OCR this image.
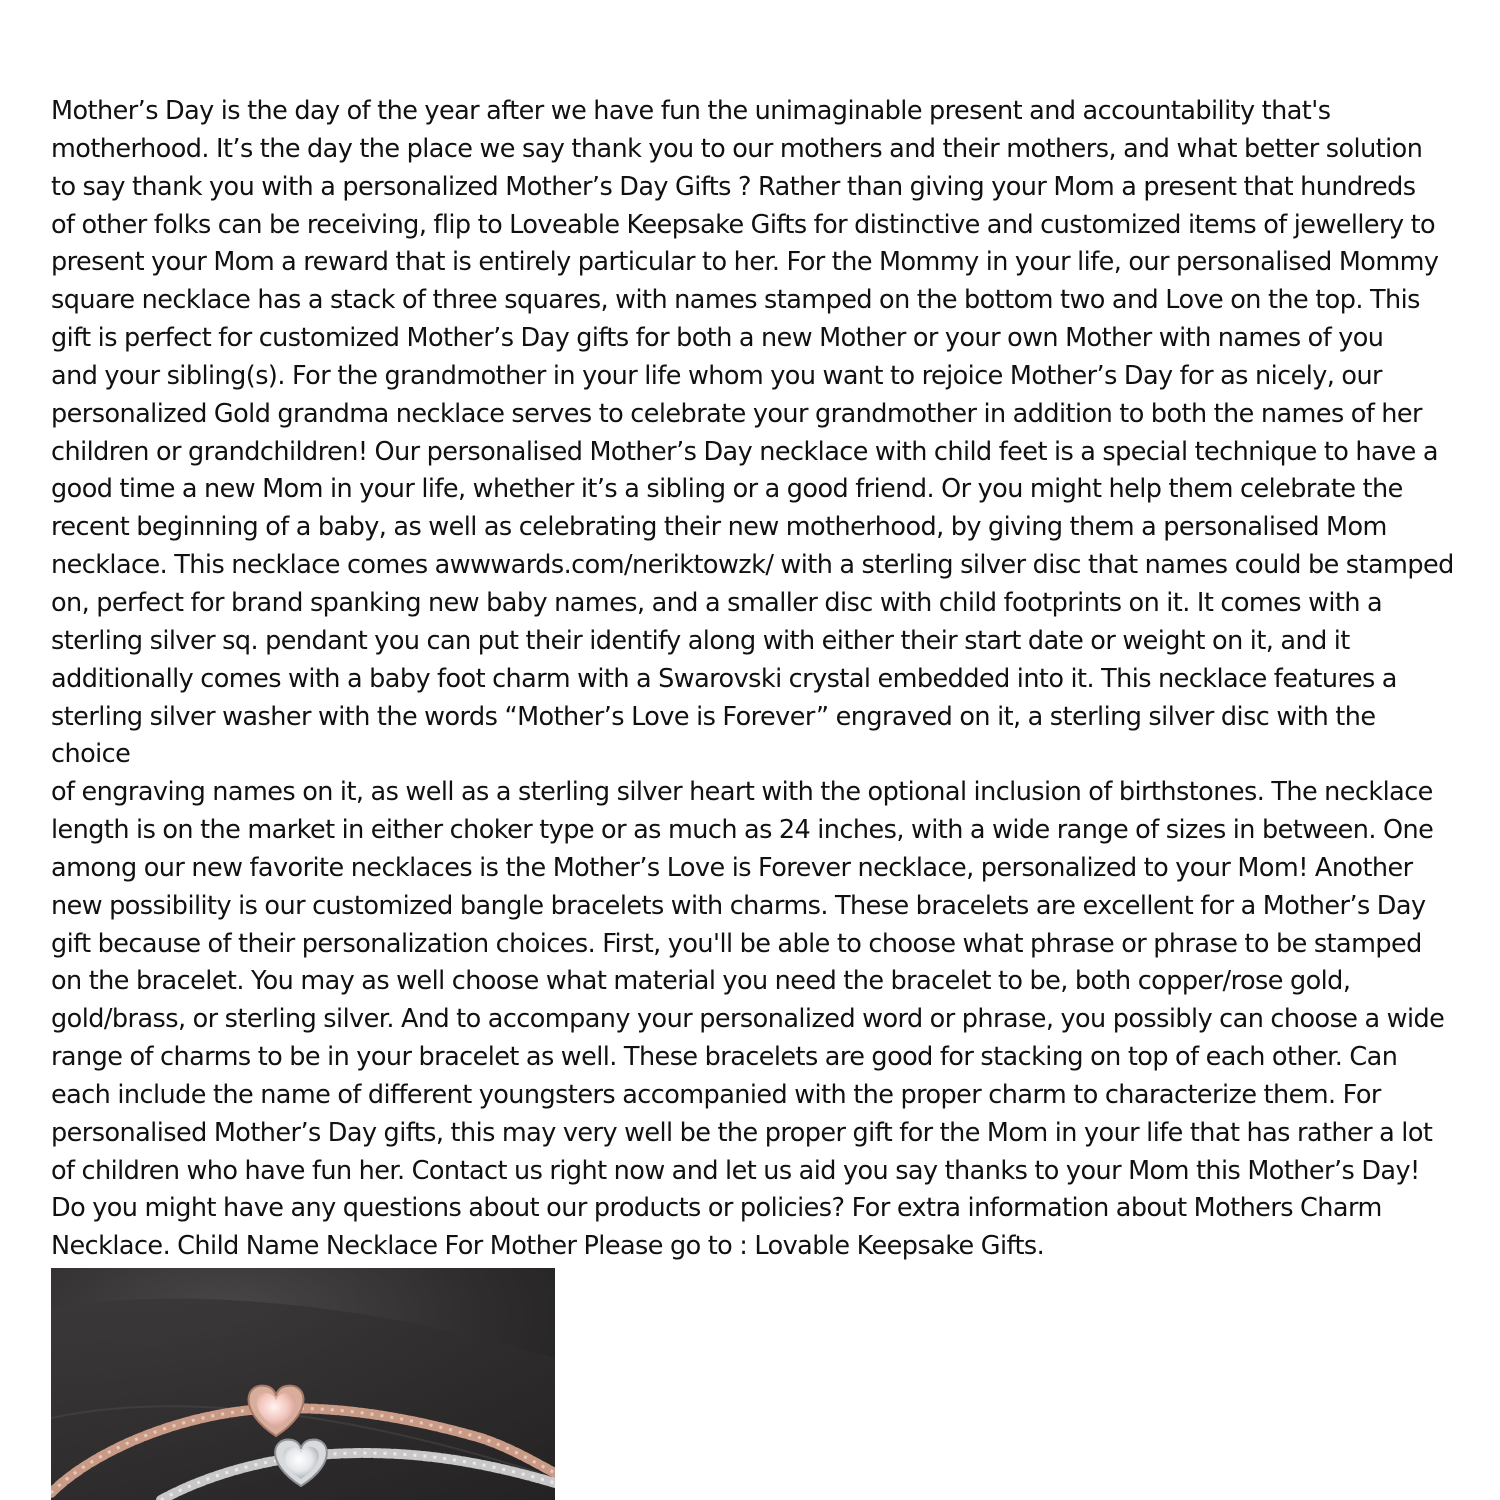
Mother’s Day is the day of the year after we have fun the unimaginable present and accountability that's
motherhood. It’s the day the place we say thank you to our mothers and their mothers, and what better solution
to say thank you with a personalized Mother’s Day Gifts ? Rather than giving your Mom a present that hundreds
of other folks can be receiving, flip to Loveable Keepsake Gifts for distinctive and customized items of jewellery to
present your Mom a reward that is entirely particular to her. For the Mommy in your life, our personalised Mommy
square necklace has a stack of three squares, with names stamped on the bottom two and Love on the top. This
gift is perfect for customized Mother’s Day gifts for both a new Mother or your own Mother with names of you
and your sibling(s). For the grandmother in your life whom you want to rejoice Mother’s Day for as nicely, our
personalized Gold grandma necklace serves to celebrate your grandmother in addition to both the names of her
children or grandchildren! Our personalised Mother’s Day necklace with child feet is a special technique to have a
good time a new Mom in your life, whether it’s a sibling or a good friend. Or you might help them celebrate the
recent beginning of a baby, as well as celebrating their new motherhood, by giving them a personalised Mom
necklace. This necklace comes awwwards.com/neriktowzk/ with a sterling silver disc that names could be stamped
on, perfect for brand spanking new baby names, and a smaller disc with child footprints on it. It comes with a
sterling silver sq. pendant you can put their identify along with either their start date or weight on it, and it
additionally comes with a baby foot charm with a Swarovski crystal embedded into it. This necklace features a
sterling silver washer with the words “Mother’s Love is Forever” engraved on it, a sterling silver disc with the choice
of engraving names on it, as well as a sterling silver heart with the optional inclusion of birthstones. The necklace
length is on the market in either choker type or as much as 24 inches, with a wide range of sizes in between. One
among our new favorite necklaces is the Mother’s Love is Forever necklace, personalized to your Mom! Another
new possibility is our customized bangle bracelets with charms. These bracelets are excellent for a Mother’s Day
gift because of their personalization choices. First, you'll be able to choose what phrase or phrase to be stamped
on the bracelet. You may as well choose what material you need the bracelet to be, both copper/rose gold,
gold/brass, or sterling silver. And to accompany your personalized word or phrase, you possibly can choose a wide
range of charms to be in your bracelet as well. These bracelets are good for stacking on top of each other. Can
each include the name of different youngsters accompanied with the proper charm to characterize them. For
personalised Mother’s Day gifts, this may very well be the proper gift for the Mom in your life that has rather a lot
of children who have fun her. Contact us right now and let us aid you say thanks to your Mom this Mother’s Day!
Do you might have any questions about our products or policies? For extra information about Mothers Charm
Necklace. Child Name Necklace For Mother Please go to : Lovable Keepsake Gifts.
